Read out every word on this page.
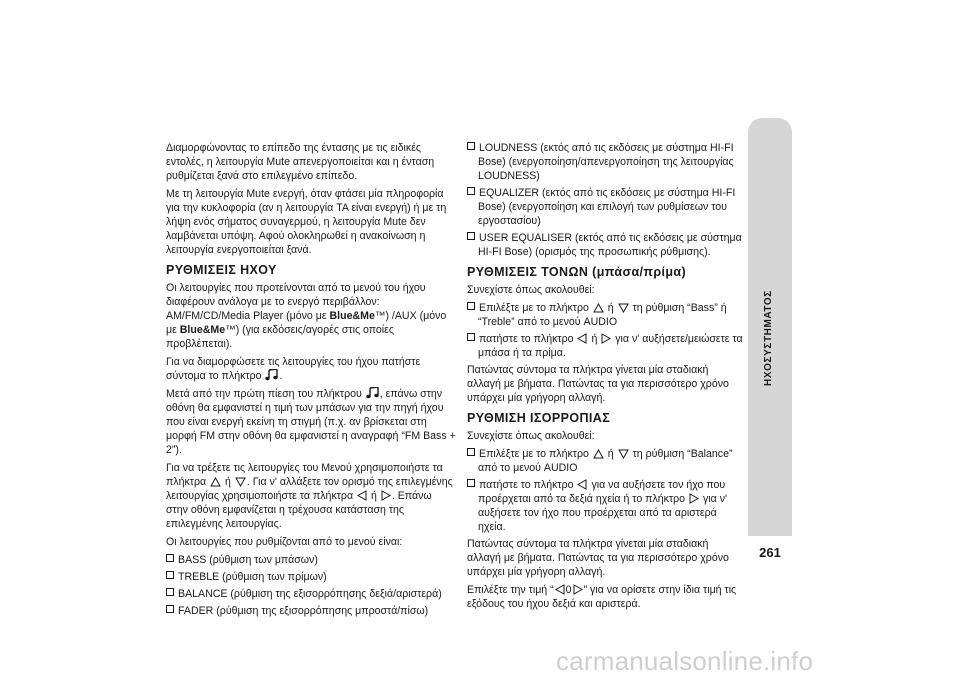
Διαμορφώνοντας το επίπεδο της έντασης με τις ειδικές εντολές, η λειτουργία Mute απενεργοποιείται και η ένταση ρυθμίζεται ξανά στο επιλεγμένο επίπεδο.

Με τη λειτουργία Mute ενεργή, όταν φτάσει μία πληροφορία για την κυκλοφορία (αν η λειτουργία TA είναι ενεργή) ή με τη λήψη ενός σήματος συναγερμού, η λειτουργία Mute δεν λαμβάνεται υπόψη. Αφού ολοκληρωθεί η ανακοίνωση η λειτουργία ενεργοποιείται ξανά.

ΡΥΘΜΙΣΕΙΣ ΗΧΟΥ

Οι λειτουργίες που προτείνονται από το μενού του ήχου διαφέρουν ανάλογα με το ενεργό περιβάλλον: AM/FM/CD/Media Player (μόνο με Blue&Me™) /AUX (μόνο με Blue&Me™) (για εκδόσεις/αγορές στις οποίες προβλέπεται).

Για να διαμορφώσετε τις λειτουργίες του ήχου πατήστε σύντομα το πλήκτρο .

Μετά από την πρώτη πίεση του πλήκτρου , επάνω στην οθόνη θα εμφανιστεί η τιμή των μπάσων για την πηγή ήχου που είναι ενεργή εκείνη τη στιγμή (π.χ. αν βρίσκεται στη μορφή FM στην οθόνη θα εμφανιστεί η αναγραφή “FM Bass + 2”).

Για να τρέξετε τις λειτουργίες του Μενού χρησιμοποιήστε τα πλήκτρα ή . Για ν' αλλάξετε τον ορισμό της επιλεγμένης λειτουργίας χρησιμοποιήστε τα πλήκτρα ή . Επάνω στην οθόνη εμφανίζεται η τρέχουσα κατάσταση της επιλεγμένης λειτουργίας.

Οι λειτουργίες που ρυθμίζονται από το μενού είναι:

BASS (ρύθμιση των μπάσων)
TREBLE (ρύθμιση των πρίμων)
BALANCE (ρύθμιση της εξισορρόπησης δεξιά/αριστερά)
FADER (ρύθμιση της εξισορρόπησης μπροστά/πίσω)
LOUDNESS (εκτός από τις εκδόσεις με σύστημα HI-FI Bose) (ενεργοποίηση/απενεργοποίηση της λειτουργίας LOUDNESS)
EQUALIZER (εκτός από τις εκδόσεις με σύστημα HI-FI Bose) (ενεργοποίηση και επιλογή των ρυθμίσεων του εργοστασίου)
USER EQUALISER (εκτός από τις εκδόσεις με σύστημα HI-FI Bose) (ορισμός της προσωπικής ρύθμισης).
ΡΥΘΜΙΣΕΙΣ ΤΟΝΩΝ (μπάσα/πρίμα)

Συνεχίστε όπως ακολουθεί:

Επιλέξτε με το πλήκτρο ή τη ρύθμιση “Bass” ή “Treble” από το μενού AUDIO
πατήστε το πλήκτρο ή για ν' αυξήσετε/μειώσετε τα μπάσα ή τα πρίμα.

Πατώντας σύντομα τα πλήκτρα γίνεται μία σταδιακή αλλαγή με βήματα. Πατώντας τα για περισσότερο χρόνο υπάρχει μία γρήγορη αλλαγή.

ΡΥΘΜΙΣΗ ΙΣΟΡΡΟΠΙΑΣ

Συνεχίστε όπως ακολουθεί:

Επιλέξτε με το πλήκτρο ή τη ρύθμιση “Balance” από το μενού AUDIO
πατήστε το πλήκτρο για να αυξήσετε τον ήχο που προέρχεται από τα δεξιά ηχεία ή το πλήκτρο για ν' αυξήσετε τον ήχο που προέρχεται από τα αριστερά ηχεία.

Πατώντας σύντομα τα πλήκτρα γίνεται μία σταδιακή αλλαγή με βήματα. Πατώντας τα για περισσότερο χρόνο υπάρχει μία γρήγορη αλλαγή.

Επιλέξτε την τιμή “ 0 ” για να ορίσετε στην ίδια τιμή τις εξόδους του ήχου δεξιά και αριστερά.

ΗΧΟΣΥΣΤΗΜΑΤΟΣ
261
carmanualsonline.info
